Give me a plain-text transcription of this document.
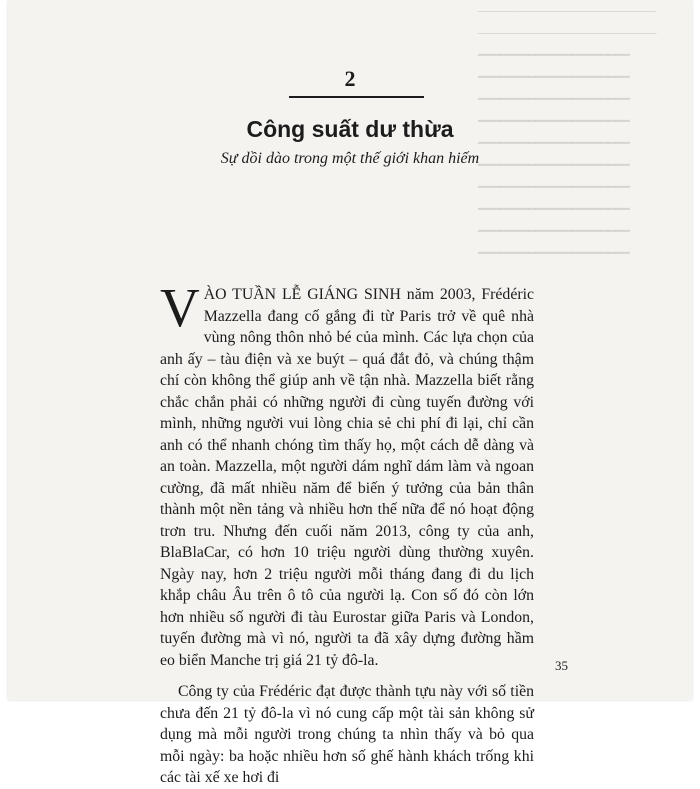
─────────────────────
─────────────────────
━━━━━━━━━━━━━━━━━━━━━
━━━━━━━━━━━━━━━━━━━━━
━━━━━━━━━━━━━━━━━━━━━
━━━━━━━━━━━━━━━━━━━━━
━━━━━━━━━━━━━━━━━━━━━
━━━━━━━━━━━━━━━━━━━━━
━━━━━━━━━━━━━━━━━━━━━
━━━━━━━━━━━━━━━━━━━━━
━━━━━━━━━━━━━━━━━━━━━
━━━━━━━━━━━━━━━━━━━━━
2
Công suất dư thừa
Sự dồi dào trong một thế giới khan hiếm

VÀO TUẦN LỄ GIÁNG SINH năm 2003, Frédéric Mazzella đang cố gắng đi từ Paris trở về quê nhà vùng nông thôn nhỏ bé của mình. Các lựa chọn của anh ấy – tàu điện và xe buýt – quá đắt đỏ, và chúng thậm chí còn không thể giúp anh về tận nhà. Mazzella biết rằng chắc chắn phải có những người đi cùng tuyến đường với mình, những người vui lòng chia sẻ chi phí đi lại, chỉ cần anh có thể nhanh chóng tìm thấy họ, một cách dễ dàng và an toàn. Mazzella, một người dám nghĩ dám làm và ngoan cường, đã mất nhiều năm để biến ý tưởng của bản thân thành một nền tảng và nhiều hơn thế nữa để nó hoạt động trơn tru. Nhưng đến cuối năm 2013, công ty của anh, BlaBlaCar, có hơn 10 triệu người dùng thường xuyên. Ngày nay, hơn 2 triệu người mỗi tháng đang đi du lịch khắp châu Âu trên ô tô của người lạ. Con số đó còn lớn hơn nhiều số người đi tàu Eurostar giữa Paris và London, tuyến đường mà vì nó, người ta đã xây dựng đường hầm eo biển Manche trị giá 21 tỷ đô-la.

Công ty của Frédéric đạt được thành tựu này với số tiền chưa đến 21 tỷ đô-la vì nó cung cấp một tài sản không sử dụng mà mỗi người trong chúng ta nhìn thấy và bỏ qua mỗi ngày: ba hoặc nhiều hơn số ghế hành khách trống khi các tài xế xe hơi đi

35
